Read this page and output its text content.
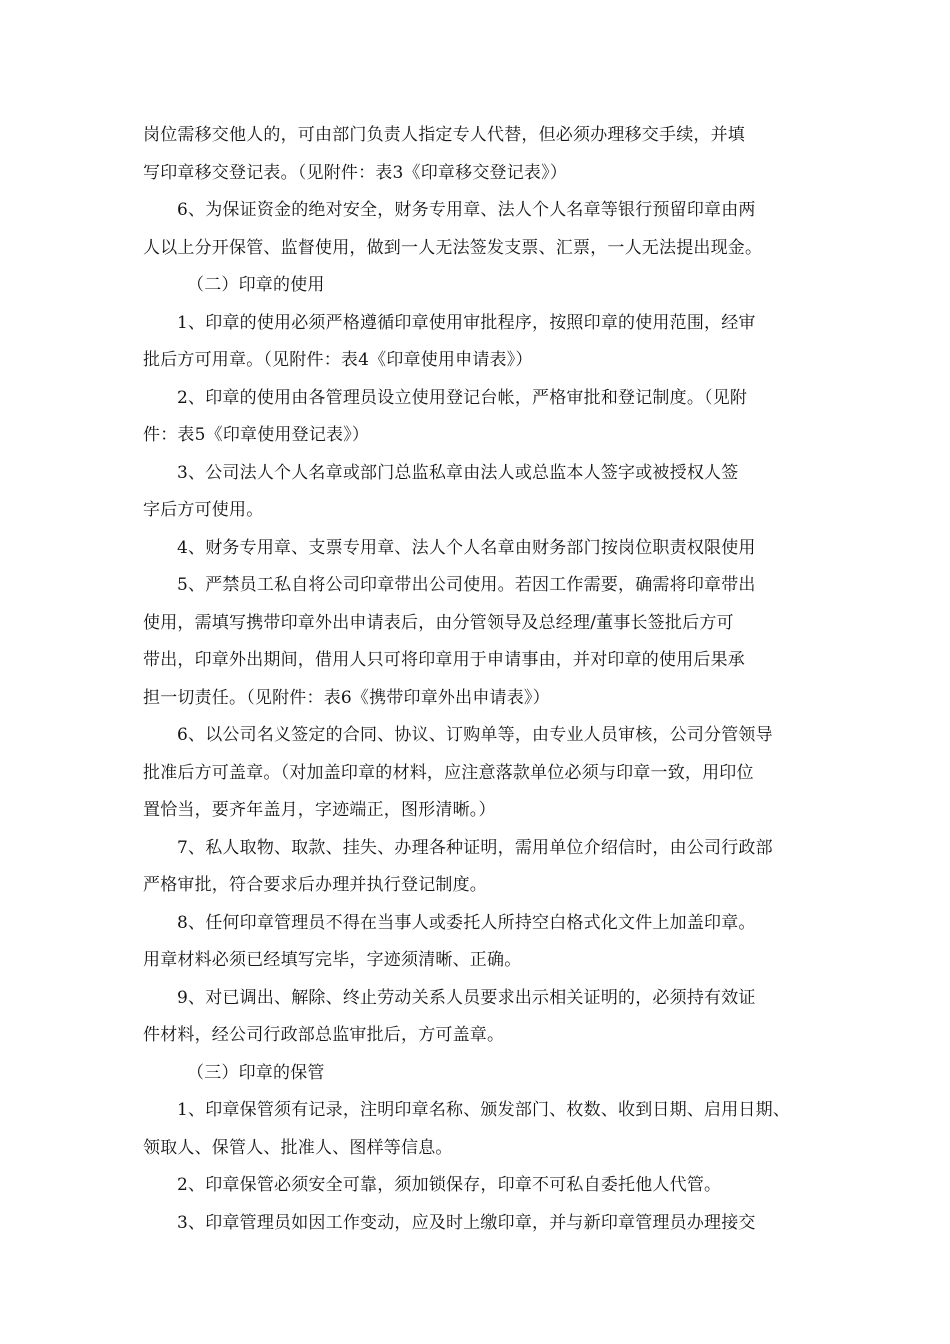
岗位需移交他人的，可由部门负责人指定专人代替，但必须办理移交手续，并填
写印章移交登记表。（见附件：表3《印章移交登记表》）
6、为保证资金的绝对安全，财务专用章、法人个人名章等银行预留印章由两
人以上分开保管、监督使用，做到一人无法签发支票、汇票，一人无法提出现金。
（二）印章的使用
1、印章的使用必须严格遵循印章使用审批程序，按照印章的使用范围，经审
批后方可用章。（见附件：表4《印章使用申请表》）
2、印章的使用由各管理员设立使用登记台帐，严格审批和登记制度。（见附
件：表5《印章使用登记表》）
3、公司法人个人名章或部门总监私章由法人或总监本人签字或被授权人签
字后方可使用。
4、财务专用章、支票专用章、法人个人名章由财务部门按岗位职责权限使用
5、严禁员工私自将公司印章带出公司使用。若因工作需要，确需将印章带出
使用，需填写携带印章外出申请表后，由分管领导及总经理/董事长签批后方可
带出，印章外出期间，借用人只可将印章用于申请事由，并对印章的使用后果承
担一切责任。（见附件：表6《携带印章外出申请表》）
6、以公司名义签定的合同、协议、订购单等，由专业人员审核，公司分管领导
批准后方可盖章。（对加盖印章的材料，应注意落款单位必须与印章一致，用印位
置恰当，要齐年盖月，字迹端正，图形清晰。）
7、私人取物、取款、挂失、办理各种证明，需用单位介绍信时，由公司行政部
严格审批，符合要求后办理并执行登记制度。
8、任何印章管理员不得在当事人或委托人所持空白格式化文件上加盖印章。
用章材料必须已经填写完毕，字迹须清晰、正确。
9、对已调出、解除、终止劳动关系人员要求出示相关证明的，必须持有效证
件材料，经公司行政部总监审批后，方可盖章。
（三）印章的保管
1、印章保管须有记录，注明印章名称、颁发部门、枚数、收到日期、启用日期、
领取人、保管人、批准人、图样等信息。
2、印章保管必须安全可靠，须加锁保存，印章不可私自委托他人代管。
3、印章管理员如因工作变动，应及时上缴印章，并与新印章管理员办理接交
